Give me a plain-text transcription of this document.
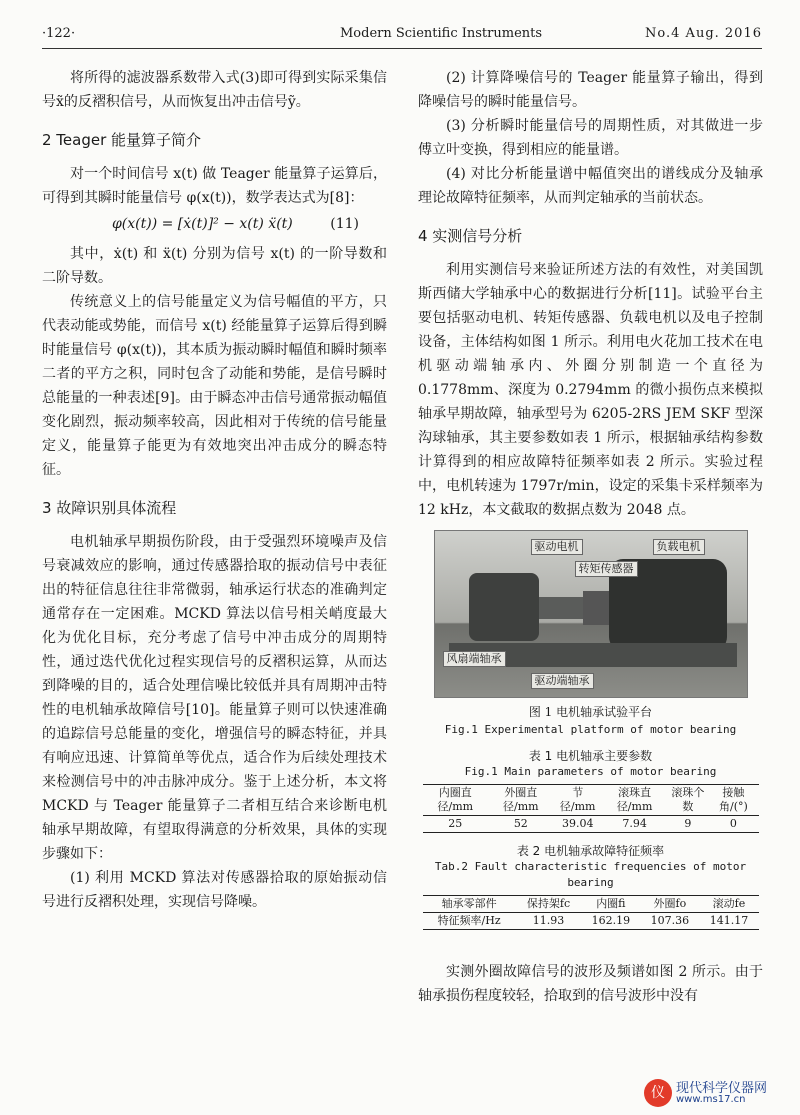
·122·	Modern Scientific Instruments	No.4 Aug. 2016

将所得的滤波器系数带入式(3)即可得到实际采集信号x̃的反褶积信号，从而恢复出冲击信号ỹ。

2 Teager 能量算子简介

对一个时间信号 x(t) 做 Teager 能量算子运算后，可得到其瞬时能量信号 φ(x(t))，数学表达式为[8]：

φ(x(t)) = [ẋ(t)]² − x(t) ẍ(t)	(11)

其中，ẋ(t) 和 ẍ(t) 分别为信号 x(t) 的一阶导数和二阶导数。

传统意义上的信号能量定义为信号幅值的平方，只代表动能或势能，而信号 x(t) 经能量算子运算后得到瞬时能量信号 φ(x(t))，其本质为振动瞬时幅值和瞬时频率二者的平方之积，同时包含了动能和势能，是信号瞬时总能量的一种表述[9]。由于瞬态冲击信号通常振动幅值变化剧烈，振动频率较高，因此相对于传统的信号能量定义，能量算子能更为有效地突出冲击成分的瞬态特征。

3 故障识别具体流程

电机轴承早期损伤阶段，由于受强烈环境噪声及信号衰减效应的影响，通过传感器拾取的振动信号中表征出的特征信息往往非常微弱，轴承运行状态的准确判定通常存在一定困难。MCKD 算法以信号相关峭度最大化为优化目标，充分考虑了信号中冲击成分的周期特性，通过迭代优化过程实现信号的反褶积运算，从而达到降噪的目的，适合处理信噪比较低并具有周期冲击特性的电机轴承故障信号[10]。能量算子则可以快速准确的追踪信号总能量的变化，增强信号的瞬态特征，并具有响应迅速、计算简单等优点，适合作为后续处理技术来检测信号中的冲击脉冲成分。鉴于上述分析，本文将 MCKD 与 Teager 能量算子二者相互结合来诊断电机轴承早期故障，有望取得满意的分析效果，具体的实现步骤如下：

(1) 利用 MCKD 算法对传感器拾取的原始振动信号进行反褶积处理，实现信号降噪。

(2) 计算降噪信号的 Teager 能量算子输出，得到降噪信号的瞬时能量信号。

(3) 分析瞬时能量信号的周期性质，对其做进一步傅立叶变换，得到相应的能量谱。

(4) 对比分析能量谱中幅值突出的谱线成分及轴承理论故障特征频率，从而判定轴承的当前状态。

4 实测信号分析

利用实测信号来验证所述方法的有效性，对美国凯斯西储大学轴承中心的数据进行分析[11]。试验平台主要包括驱动电机、转矩传感器、负载电机以及电子控制设备，主体结构如图 1 所示。利用电火花加工技术在电机驱动端轴承内、外圈分别制造一个直径为 0.1778mm、深度为 0.2794mm 的微小损伤点来模拟轴承早期故障，轴承型号为 6205-2RS JEM SKF 型深沟球轴承，其主要参数如表 1 所示，根据轴承结构参数计算得到的相应故障特征频率如表 2 所示。实验过程中，电机转速为 1797r/min，设定的采集卡采样频率为 12 kHz，本文截取的数据点数为 2048 点。

驱动电机	负载电机
转矩传感器
风扇端轴承
驱动端轴承

图 1 电机轴承试验平台

Fig.1 Experimental platform of motor bearing

表 1 电机轴承主要参数

Fig.1 Main parameters of motor bearing

内圈直径/mm	外圈直径/mm	节径/mm	滚珠直径/mm	滚珠个数	接触角/(°)
25	52	39.04	7.94	9	0

表 2 电机轴承故障特征频率

Tab.2 Fault characteristic frequencies of motor bearing

轴承零部件	保持架fc	内圈fi	外圈fo	滚动fe
特征频率/Hz	11.93	162.19	107.36	141.17

实测外圈故障信号的波形及频谱如图 2 所示。由于轴承损伤程度较轻，拾取到的信号波形中没有

仪 现代科学仪器网
www.ms17.cn
